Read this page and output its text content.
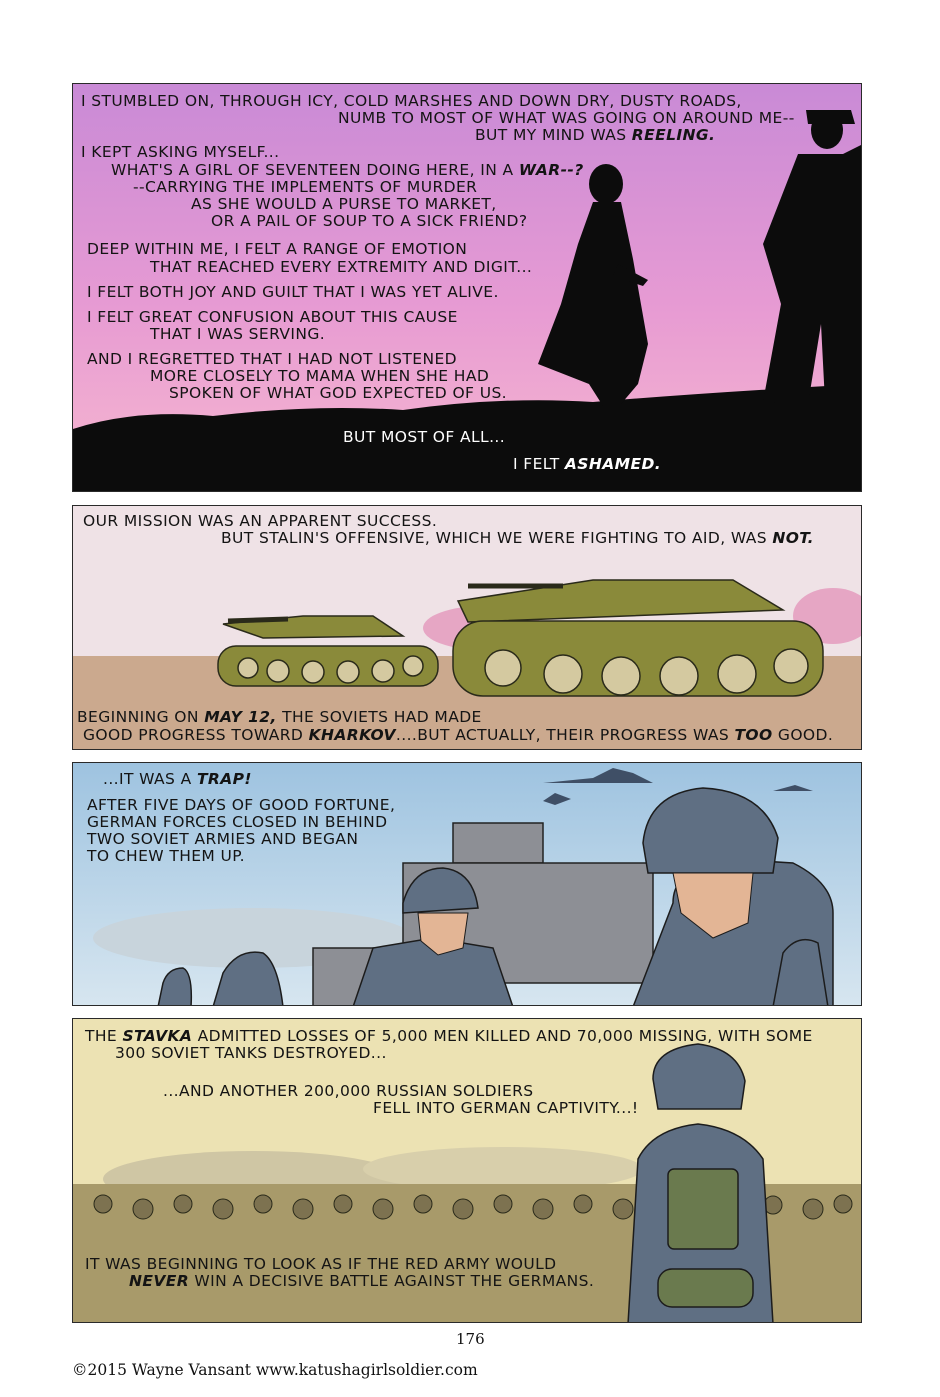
I STUMBLED ON, THROUGH ICY, COLD MARSHES AND DOWN DRY, DUSTY ROADS,
NUMB TO MOST OF WHAT WAS GOING ON AROUND ME--
BUT MY MIND WAS REELING.
I KEPT ASKING MYSELF...
WHAT'S A GIRL OF SEVENTEEN DOING HERE, IN A WAR--?
--CARRYING THE IMPLEMENTS OF MURDER
AS SHE WOULD A PURSE TO MARKET,
OR A PAIL OF SOUP TO A SICK FRIEND?
DEEP WITHIN ME, I FELT A RANGE OF EMOTION
THAT REACHED EVERY EXTREMITY AND DIGIT...
I FELT BOTH JOY AND GUILT THAT I WAS YET ALIVE.
I FELT GREAT CONFUSION ABOUT THIS CAUSE
THAT I WAS SERVING.
AND I REGRETTED THAT I HAD NOT LISTENED
MORE CLOSELY TO MAMA WHEN SHE HAD
SPOKEN OF WHAT GOD EXPECTED OF US.
BUT MOST OF ALL...
I FELT ASHAMED.
OUR MISSION WAS AN APPARENT SUCCESS.
BUT STALIN'S OFFENSIVE, WHICH WE WERE FIGHTING TO AID, WAS NOT.
BEGINNING ON MAY 12, THE SOVIETS HAD MADE
GOOD PROGRESS TOWARD KHARKOV....BUT ACTUALLY, THEIR PROGRESS WAS TOO GOOD.
...IT WAS A TRAP!
AFTER FIVE DAYS OF GOOD FORTUNE,
GERMAN FORCES CLOSED IN BEHIND
TWO SOVIET ARMIES AND BEGAN
TO CHEW THEM UP.
THE STAVKA ADMITTED LOSSES OF 5,000 MEN KILLED AND 70,000 MISSING, WITH SOME
300 SOVIET TANKS DESTROYED...
...AND ANOTHER 200,000 RUSSIAN SOLDIERS
FELL INTO GERMAN CAPTIVITY...!
IT WAS BEGINNING TO LOOK AS IF THE RED ARMY WOULD
NEVER WIN A DECISIVE BATTLE AGAINST THE GERMANS.
176
©2015 Wayne Vansant www.katushagirlsoldier.com
